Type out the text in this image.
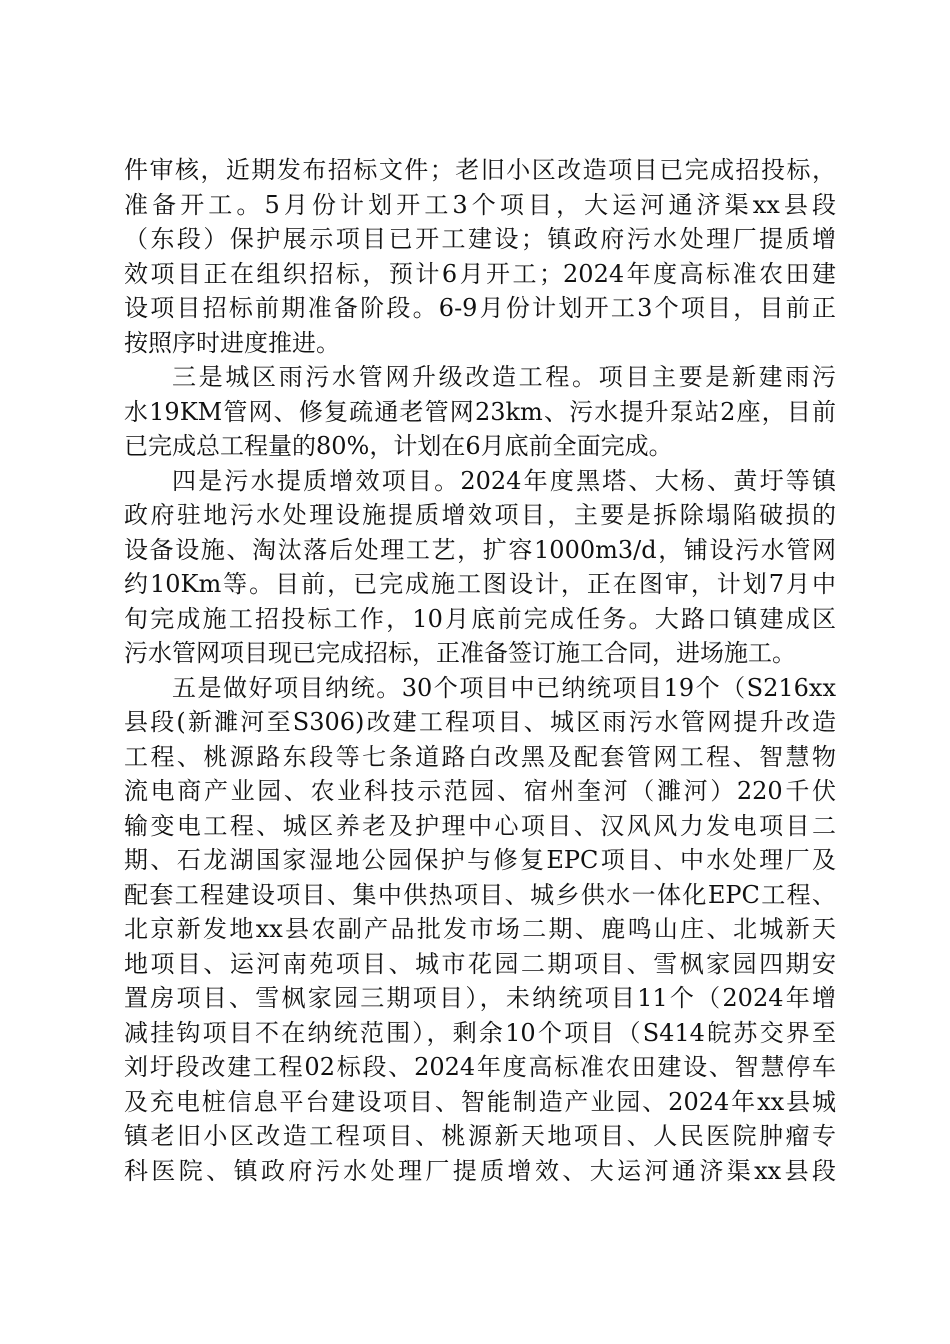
件审核，近期发布招标文件；老旧小区改造项目已完成招投标，
准备开工。5月份计划开工3个项目，大运河通济渠xx县段
（东段）保护展示项目已开工建设；镇政府污水处理厂提质增
效项目正在组织招标，预计6月开工；2024年度高标准农田建
设项目招标前期准备阶段。6-9月份计划开工3个项目，目前正
按照序时进度推进。
三是城区雨污水管网升级改造工程。项目主要是新建雨污
水19KM管网、修复疏通老管网23km、污水提升泵站2座，目前
已完成总工程量的80%，计划在6月底前全面完成。
四是污水提质增效项目。2024年度黑塔、大杨、黄圩等镇
政府驻地污水处理设施提质增效项目，主要是拆除塌陷破损的
设备设施、淘汰落后处理工艺，扩容1000m3/d，铺设污水管网
约10Km等。目前，已完成施工图设计，正在图审，计划7月中
旬完成施工招投标工作，10月底前完成任务。大路口镇建成区
污水管网项目现已完成招标，正准备签订施工合同，进场施工。
五是做好项目纳统。30个项目中已纳统项目19个（S216xx
县段(新濉河至S306)改建工程项目、城区雨污水管网提升改造
工程、桃源路东段等七条道路白改黑及配套管网工程、智慧物
流电商产业园、农业科技示范园、宿州奎河（濉河）220千伏
输变电工程、城区养老及护理中心项目、汉风风力发电项目二
期、石龙湖国家湿地公园保护与修复EPC项目、中水处理厂及
配套工程建设项目、集中供热项目、城乡供水一体化EPC工程、
北京新发地xx县农副产品批发市场二期、鹿鸣山庄、北城新天
地项目、运河南苑项目、城市花园二期项目、雪枫家园四期安
置房项目、雪枫家园三期项目），未纳统项目11个（2024年增
减挂钩项目不在纳统范围），剩余10个项目（S414皖苏交界至
刘圩段改建工程02标段、2024年度高标准农田建设、智慧停车
及充电桩信息平台建设项目、智能制造产业园、2024年xx县城
镇老旧小区改造工程项目、桃源新天地项目、人民医院肿瘤专
科医院、镇政府污水处理厂提质增效、大运河通济渠xx县段
